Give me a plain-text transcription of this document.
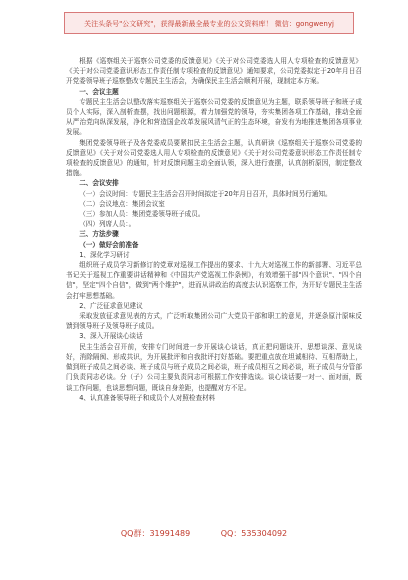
关注头条号"公文研究"，获得最新最全最专业的公文资料库！ 微信：gongwenyj

根据《巡察组关于巡察公司党委的反馈意见》《关于对公司党委选人用人专项检查的反馈意见》《关于对公司党委意识形态工作责任制专项检查的反馈意见》通知要求，公司党委拟定于20年月日召开党委领导班子巡察整改专题民主生活会，为确保民主生活会顺利开展，现制定本方案。

一、会议主题

专题民主生活会以整改落实巡察组关于巡察公司党委的反馈意见为主题，联系领导班子和班子成员个人实际，深入剖析查摆，找出问题根源，着力加强党的领导，夯实集团各项工作基础，推动全面从严治党向纵深发展，净化和营造国企改革发展风清气正的生态环境，奋发有为地推进集团各项事业发展。

集团党委领导班子及各党委成员要紧扣民主生活会主题，认真研读《巡察组关于巡察公司党委的反馈意见》《关于对公司党委选人用人专项检查的反馈意见》《关于对公司党委意识形态工作责任制专项检查的反馈意见》的通知，针对反馈问题主动全面认领，深入进行查摆，认真剖析原因，制定整改措施。

二、会议安排

（一）会议时间：专题民主生活会召开时间拟定于20年月日召开，具体时间另行通知。

（二）会议地点：集团会议室

（三）参加人员：集团党委领导班子成员。

（四）列席人员：。

三、方法步骤

（一）做好会前准备

1、深化学习研讨

组织班子成员学习新修订的党章对巡视工作提出的要求、十九大对巡视工作的新部署、习近平总书记关于巡视工作重要讲话精神和《中国共产党巡视工作条例》，有效增强干部"四个意识"、"四个自信"，坚定"四个自信"，做到"两个维护"，进而从讲政治的高度去认识巡察工作，为开好专题民主生活会打牢思想基础。

2、广泛征求意见建议

采取发放征求意见表的方式，广泛听取集团公司广大党员干部和职工的意见，并逐条原汁原味反馈到领导班子及领导班子成员。

3、深入开展谈心谈话

民主生活会召开前，安排专门时间进一步开展谈心谈话，真正把问题谈开、思想谈深、意见谈好，消除隔阂、形成共识，为开展批评和自我批评打好基础。要把重点放在坦诚相待、互相帮助上，做到班子成员之间必谈、班子成员与班子成员之间必谈，班子成员相互之间必谈，班子成员与分管部门负责同志必谈。分（子）公司主要负责同志可根据工作安排选谈。谈心谈话要一对一、面对面，既谈工作问题，也谈思想问题，既谈自身差距，也提醒对方不足。

4、认真准备领导班子和成员个人对照检查材料

QQ群：31991489	QQ：535304092
